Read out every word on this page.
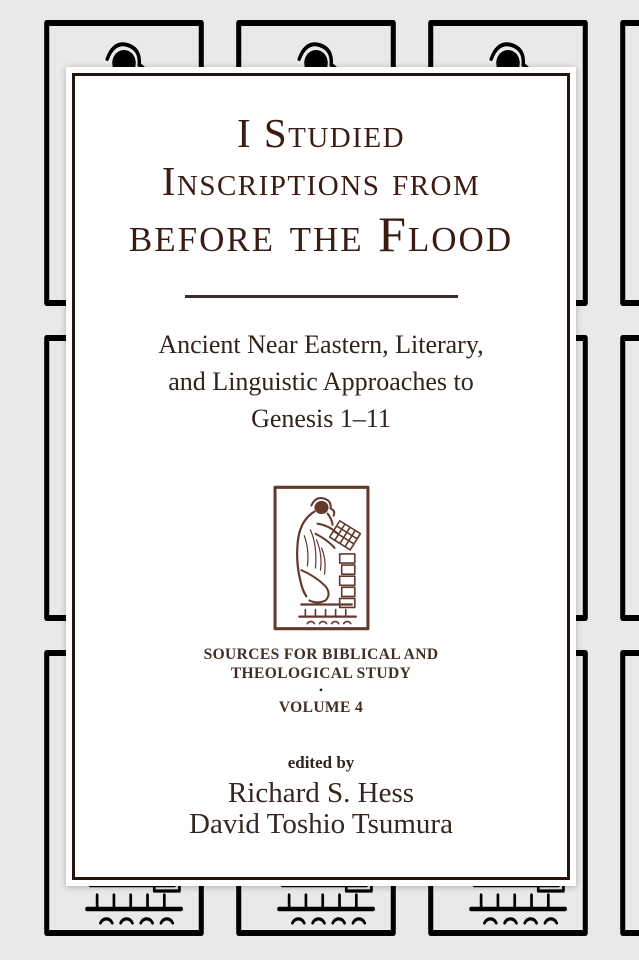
I Studied
Inscriptions from
before the Flood
Ancient Near Eastern, Literary,
and Linguistic Approaches to
Genesis 1–11
SOURCES FOR BIBLICAL AND
THEOLOGICAL STUDY
•
VOLUME 4
edited by
Richard S. Hess
David Toshio Tsumura
